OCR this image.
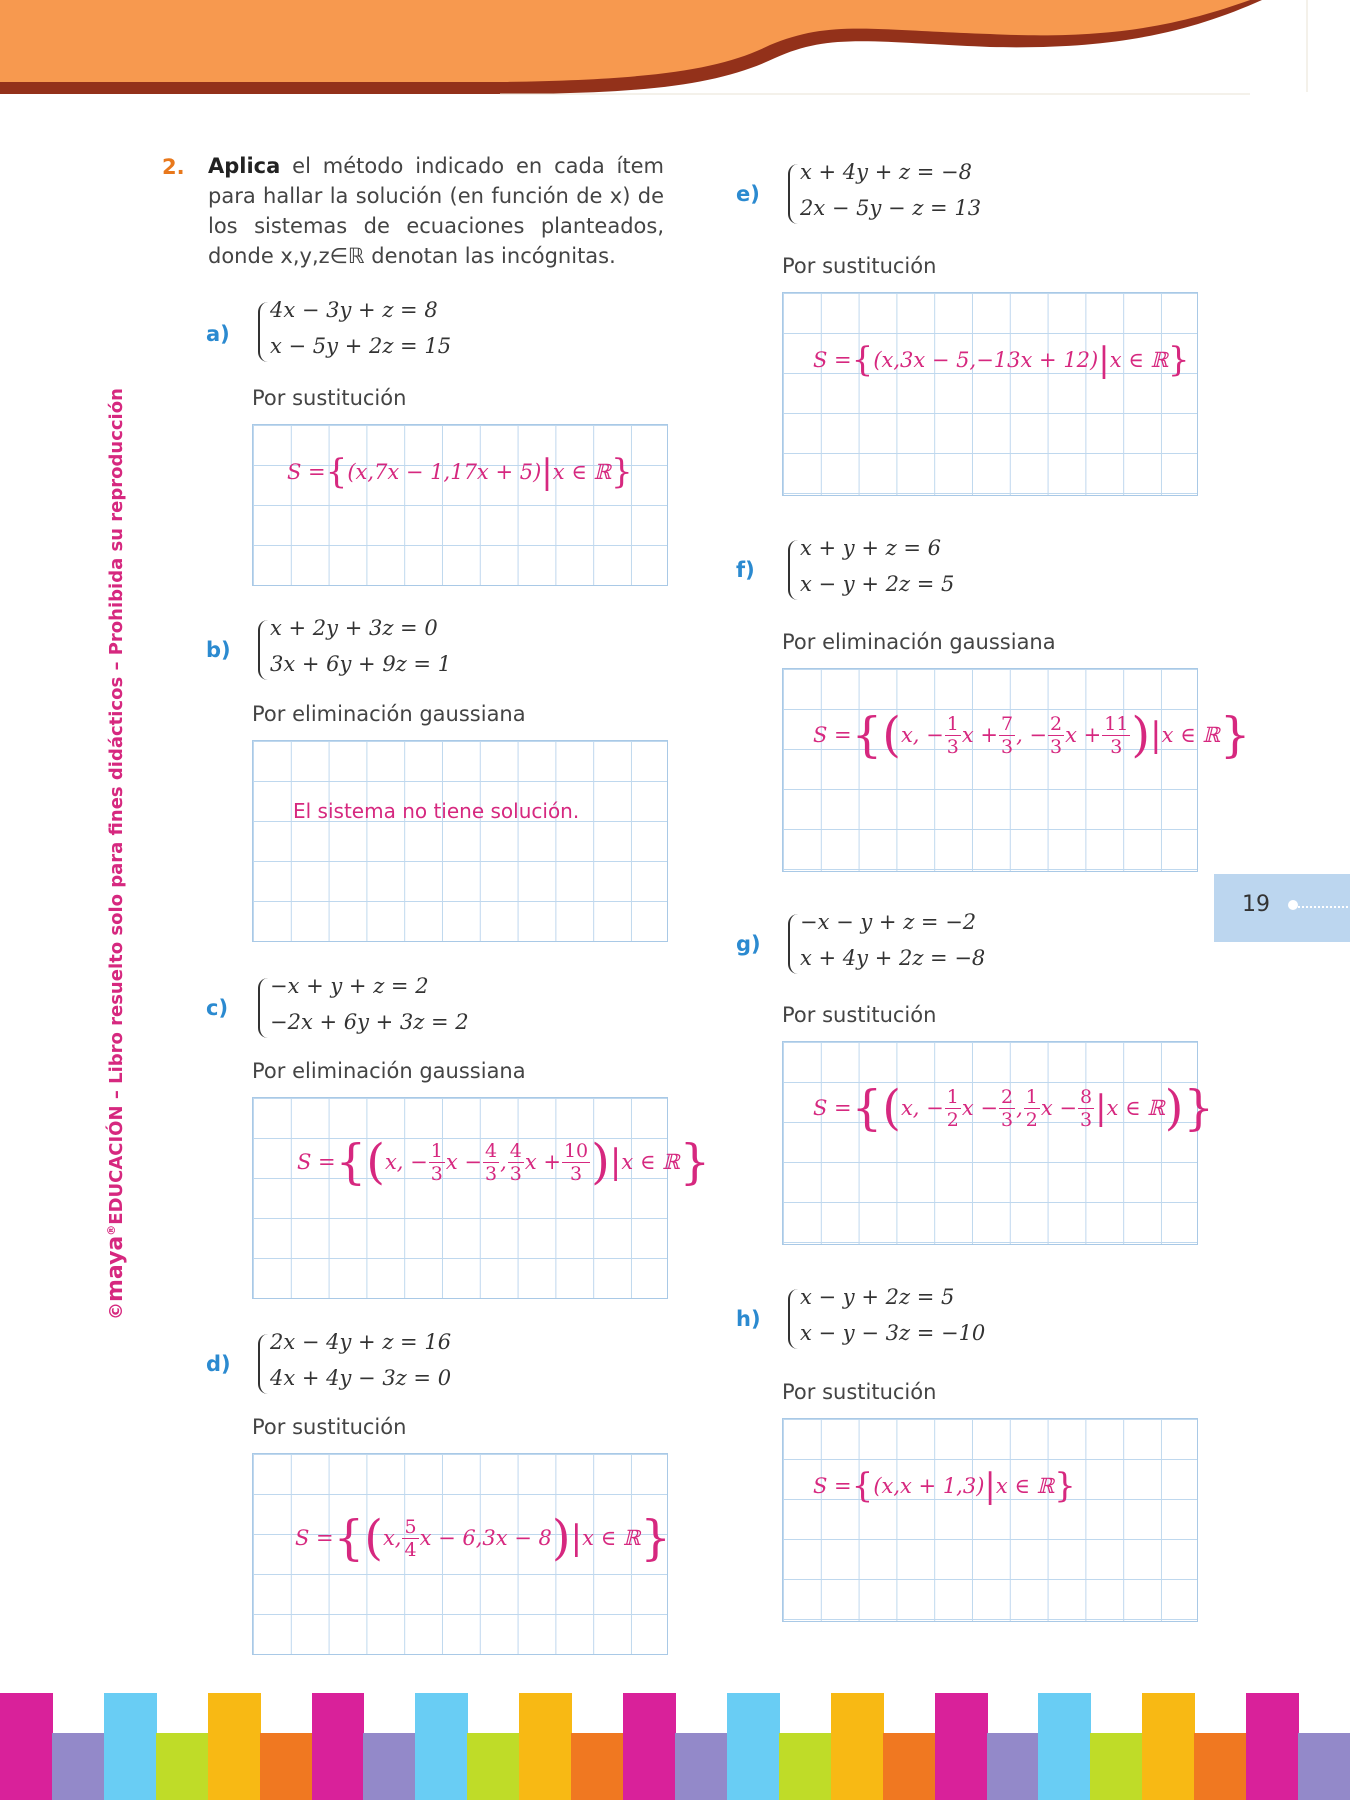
©maya®EDUCACIÓN – Libro resuelto solo para fines didácticos – Prohibida su reproducción	19
2. Aplica el método indicado en cada ítem para hallar la solución (en función de x) de los sistemas de ecuaciones planteados, donde x,y,z∈ℝ denotan las incógnitas.
a)
4x − 3y + z = 8
x − 5y + 2z = 15
Por sustitución
S = { (x,7x − 1,17x + 5) | x ∈ ℝ }
b)
x + 2y + 3z = 0
3x + 6y + 9z = 1
Por eliminación gaussiana
El sistema no tiene solución.
c)
−x + y + z = 2
−2x + 6y + 3z = 2
Por eliminación gaussiana
S = { ( x, − $\frac{1}{3}$ $x - \frac{4}{3}$ , $\frac{4}{3}$ $x + \frac{10}{3}$ ) | x ∈ ℝ }
d)
2x − 4y + z = 16
4x + 4y − 3z = 0
Por sustitución
S = { ( x, $\frac{5}{4}$ x − 6,3x − 8 ) | x ∈ ℝ }
e)
x + 4y + z = −8
2x − 5y − z = 13
Por sustitución
S = { (x,3x − 5,−13x + 12) | x ∈ ℝ }
f)
x + y + z = 6
x − y + 2z = 5
Por eliminación gaussiana
S = { ( x, − $\frac{1}{3}$ $x + \frac{7}{3}$ , − $\frac{2}{3}$ $x + \frac{11}{3}$ ) | x ∈ ℝ }
g)
−x − y + z = −2
x + 4y + 2z = −8
Por sustitución
S = { ( x, − $\frac{1}{2}$ $x - \frac{2}{3}$ , $\frac{1}{2}$ $x - \frac{8}{3}$ | x ∈ ℝ ) }
h)
x − y + 2z = 5
x − y − 3z = −10
Por sustitución
S = { (x,x + 1,3) | x ∈ ℝ }
